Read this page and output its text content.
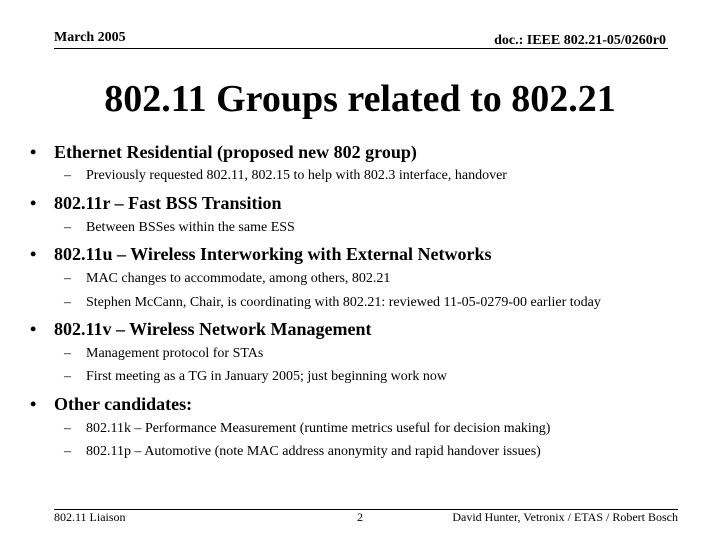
March 2005	doc.: IEEE 802.21-05/0260r0
802.11 Groups related to 802.21
• Ethernet Residential (proposed new 802 group)
– Previously requested 802.11, 802.15 to help with 802.3 interface, handover
• 802.11r – Fast BSS Transition
– Between BSSes within the same ESS
• 802.11u – Wireless Interworking with External Networks
– MAC changes to accommodate, among others, 802.21
– Stephen McCann, Chair, is coordinating with 802.21: reviewed 11-05-0279-00 earlier today
• 802.11v – Wireless Network Management
– Management protocol for STAs
– First meeting as a TG in January 2005; just beginning work now
• Other candidates:
– 802.11k – Performance Measurement (runtime metrics useful for decision making)
– 802.11p – Automotive (note MAC address anonymity and rapid handover issues)
802.11 Liaison	2	David Hunter, Vetronix / ETAS / Robert Bosch
